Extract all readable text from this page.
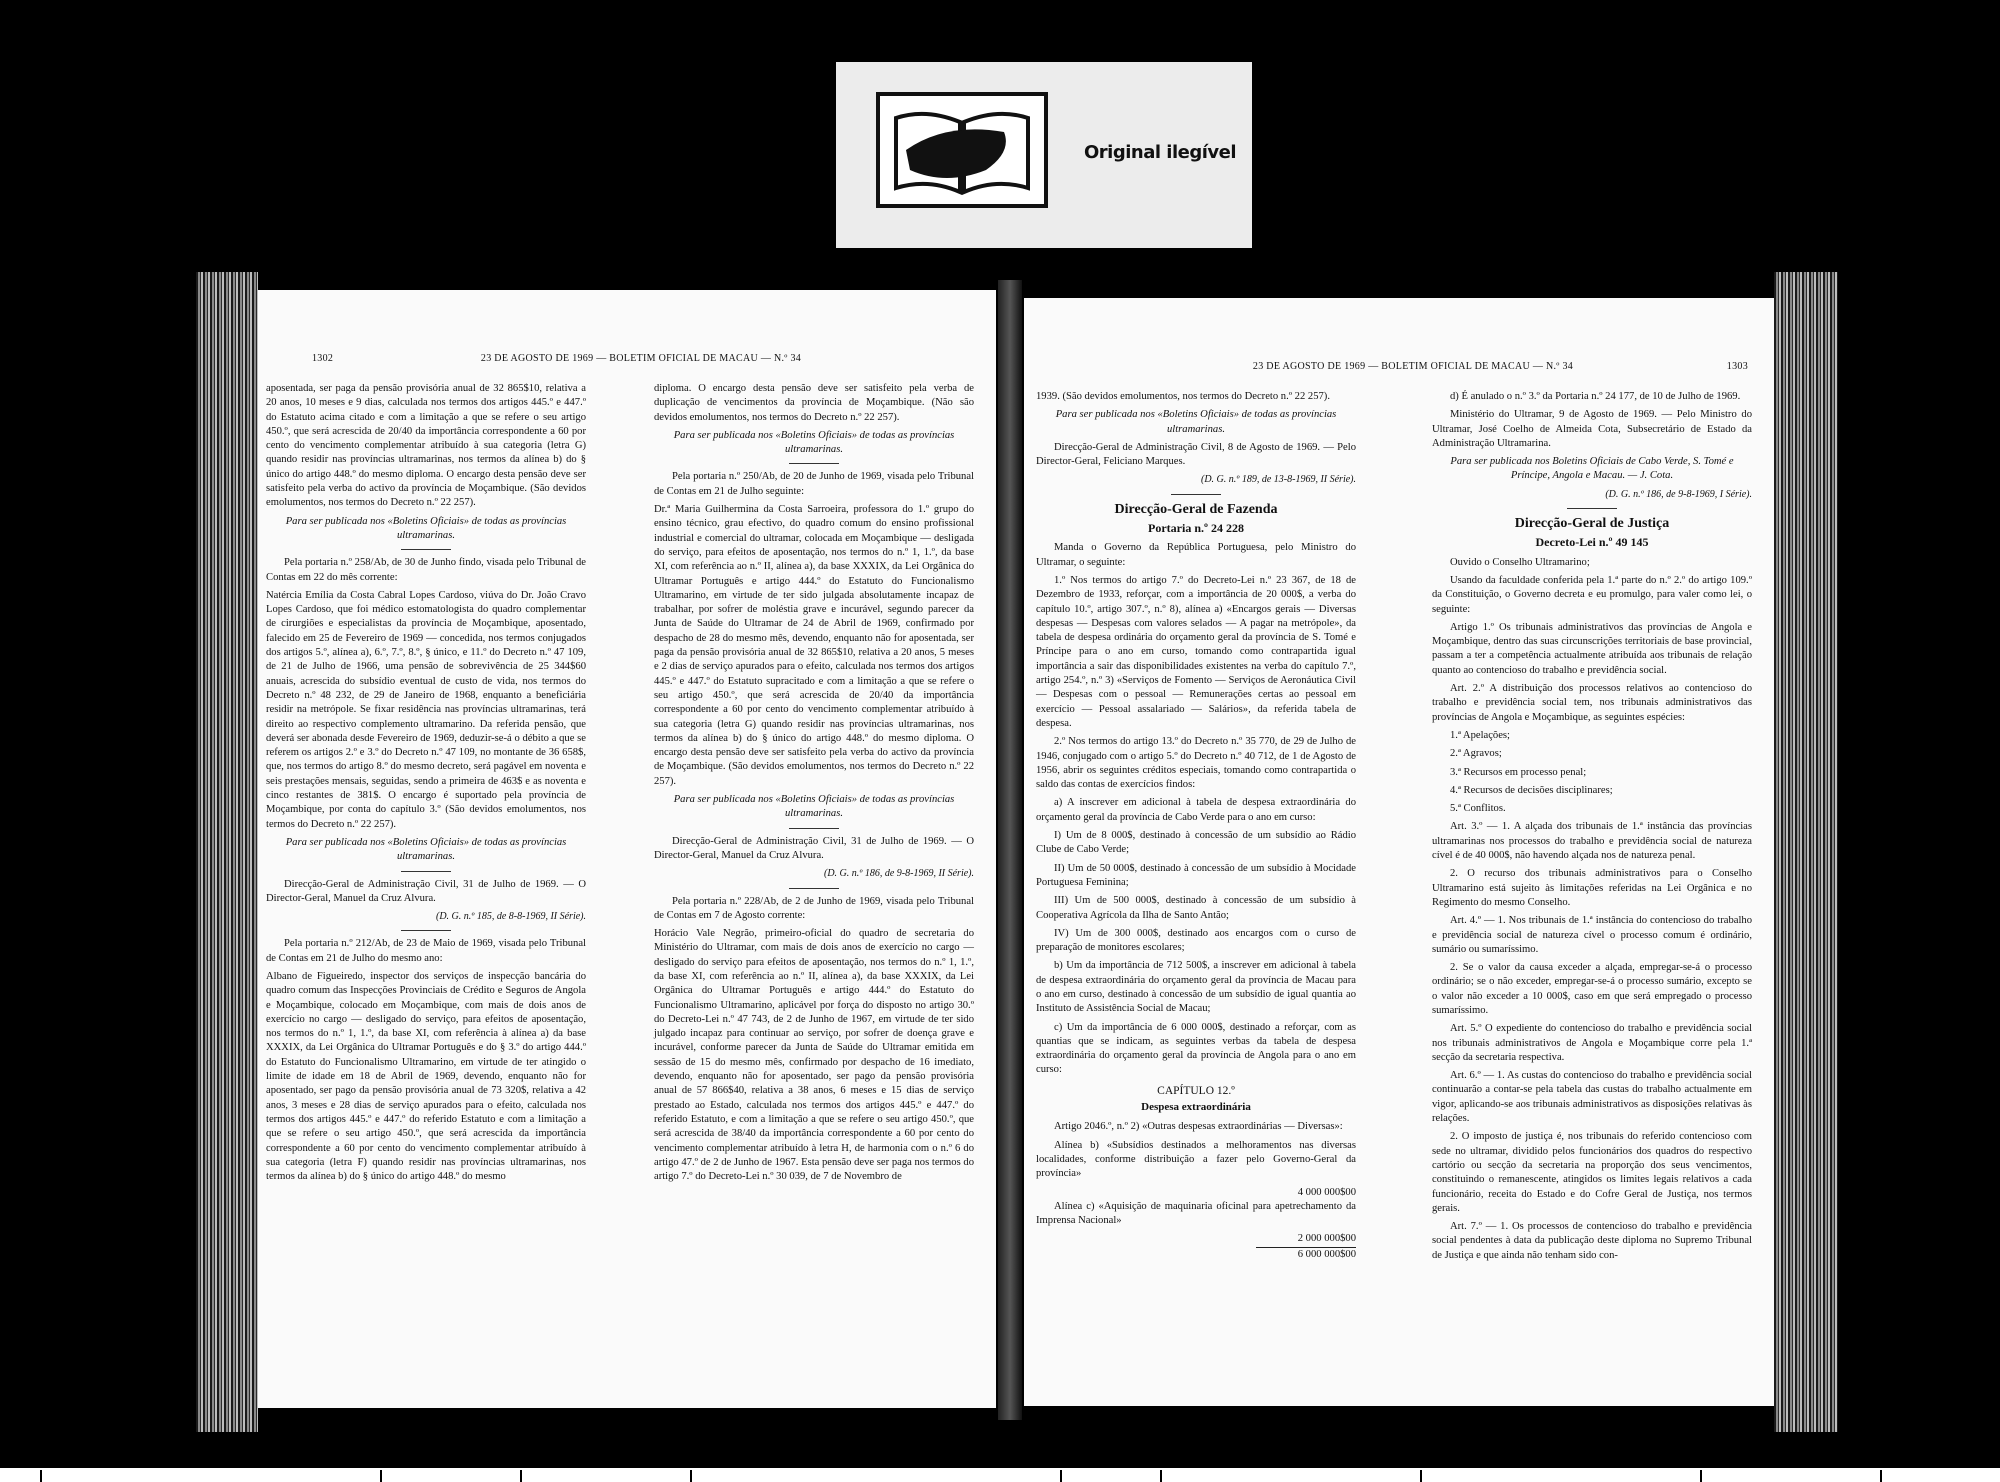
Original ilegível
1302	23 DE AGOSTO DE 1969 — BOLETIM OFICIAL DE MACAU — N.º 34
aposentada, ser paga da pensão provisória anual de 32 865$10, relativa a 20 anos, 10 meses e 9 dias, calculada nos termos dos artigos 445.º e 447.º do Estatuto acima citado e com a limitação a que se refere o seu artigo 450.º, que será acrescida de 20/40 da importância correspondente a 60 por cento do vencimento complementar atribuído à sua categoria (letra G) quando residir nas províncias ultramarinas, nos termos da alínea b) do § único do artigo 448.º do mesmo diploma. O encargo desta pensão deve ser satisfeito pela verba do activo da província de Moçambique. (São devidos emolumentos, nos termos do Decreto n.º 22 257).
Para ser publicada nos «Boletins Oficiais» de todas as províncias ultramarinas.
Pela portaria n.º 258/Ab, de 30 de Junho findo, visada pelo Tribunal de Contas em 22 do mês corrente:
Natércia Emília da Costa Cabral Lopes Cardoso, viúva do Dr. João Cravo Lopes Cardoso, que foi médico estomatologista do quadro complementar de cirurgiões e especialistas da província de Moçambique, aposentado, falecido em 25 de Fevereiro de 1969 — concedida, nos termos conjugados dos artigos 5.º, alínea a), 6.º, 7.º, 8.º, § único, e 11.º do Decreto n.º 47 109, de 21 de Julho de 1966, uma pensão de sobrevivência de 25 344$60 anuais, acrescida do subsídio eventual de custo de vida, nos termos do Decreto n.º 48 232, de 29 de Janeiro de 1968, enquanto a beneficiária residir na metrópole. Se fixar residência nas províncias ultramarinas, terá direito ao respectivo complemento ultramarino. Da referida pensão, que deverá ser abonada desde Fevereiro de 1969, deduzir-se-á o débito a que se referem os artigos 2.º e 3.º do Decreto n.º 47 109, no montante de 36 658$, que, nos termos do artigo 8.º do mesmo decreto, será pagável em noventa e seis prestações mensais, seguidas, sendo a primeira de 463$ e as noventa e cinco restantes de 381$. O encargo é suportado pela província de Moçambique, por conta do capítulo 3.º (São devidos emolumentos, nos termos do Decreto n.º 22 257).
Para ser publicada nos «Boletins Oficiais» de todas as províncias ultramarinas.
Direcção-Geral de Administração Civil, 31 de Julho de 1969. — O Director-Geral, Manuel da Cruz Alvura.
(D. G. n.º 185, de 8-8-1969, II Série).
Pela portaria n.º 212/Ab, de 23 de Maio de 1969, visada pelo Tribunal de Contas em 21 de Julho do mesmo ano:
Albano de Figueiredo, inspector dos serviços de inspecção bancária do quadro comum das Inspecções Provinciais de Crédito e Seguros de Angola e Moçambique, colocado em Moçambique, com mais de dois anos de exercício no cargo — desligado do serviço, para efeitos de aposentação, nos termos do n.º 1, 1.º, da base XI, com referência à alínea a) da base XXXIX, da Lei Orgânica do Ultramar Português e do § 3.º do artigo 444.º do Estatuto do Funcionalismo Ultramarino, em virtude de ter atingido o limite de idade em 18 de Abril de 1969, devendo, enquanto não for aposentado, ser pago da pensão provisória anual de 73 320$, relativa a 42 anos, 3 meses e 28 dias de serviço apurados para o efeito, calculada nos termos dos artigos 445.º e 447.º do referido Estatuto e com a limitação a que se refere o seu artigo 450.º, que será acrescida da importância correspondente a 60 por cento do vencimento complementar atribuído à sua categoria (letra F) quando residir nas províncias ultramarinas, nos termos da alínea b) do § único do artigo 448.º do mesmo
diploma. O encargo desta pensão deve ser satisfeito pela verba de duplicação de vencimentos da província de Moçambique. (Não são devidos emolumentos, nos termos do Decreto n.º 22 257).
Para ser publicada nos «Boletins Oficiais» de todas as províncias ultramarinas.
Pela portaria n.º 250/Ab, de 20 de Junho de 1969, visada pelo Tribunal de Contas em 21 de Julho seguinte:
Dr.ª Maria Guilhermina da Costa Sarroeira, professora do 1.º grupo do ensino técnico, grau efectivo, do quadro comum do ensino profissional industrial e comercial do ultramar, colocada em Moçambique — desligada do serviço, para efeitos de aposentação, nos termos do n.º 1, 1.º, da base XI, com referência ao n.º II, alínea a), da base XXXIX, da Lei Orgânica do Ultramar Português e artigo 444.º do Estatuto do Funcionalismo Ultramarino, em virtude de ter sido julgada absolutamente incapaz de trabalhar, por sofrer de moléstia grave e incurável, segundo parecer da Junta de Saúde do Ultramar de 24 de Abril de 1969, confirmado por despacho de 28 do mesmo mês, devendo, enquanto não for aposentada, ser paga da pensão provisória anual de 32 865$10, relativa a 20 anos, 5 meses e 2 dias de serviço apurados para o efeito, calculada nos termos dos artigos 445.º e 447.º do Estatuto supracitado e com a limitação a que se refere o seu artigo 450.º, que será acrescida de 20/40 da importância correspondente a 60 por cento do vencimento complementar atribuído à sua categoria (letra G) quando residir nas províncias ultramarinas, nos termos da alínea b) do § único do artigo 448.º do mesmo diploma. O encargo desta pensão deve ser satisfeito pela verba do activo da província de Moçambique. (São devidos emolumentos, nos termos do Decreto n.º 22 257).
Para ser publicada nos «Boletins Oficiais» de todas as províncias ultramarinas.
Direcção-Geral de Administração Civil, 31 de Julho de 1969. — O Director-Geral, Manuel da Cruz Alvura.
(D. G. n.º 186, de 9-8-1969, II Série).
Pela portaria n.º 228/Ab, de 2 de Junho de 1969, visada pelo Tribunal de Contas em 7 de Agosto corrente:
Horácio Vale Negrão, primeiro-oficial do quadro de secretaria do Ministério do Ultramar, com mais de dois anos de exercício no cargo — desligado do serviço para efeitos de aposentação, nos termos do n.º 1, 1.º, da base XI, com referência ao n.º II, alínea a), da base XXXIX, da Lei Orgânica do Ultramar Português e artigo 444.º do Estatuto do Funcionalismo Ultramarino, aplicável por força do disposto no artigo 30.º do Decreto-Lei n.º 47 743, de 2 de Junho de 1967, em virtude de ter sido julgado incapaz para continuar ao serviço, por sofrer de doença grave e incurável, conforme parecer da Junta de Saúde do Ultramar emitida em sessão de 15 do mesmo mês, confirmado por despacho de 16 imediato, devendo, enquanto não for aposentado, ser pago da pensão provisória anual de 57 866$40, relativa a 38 anos, 6 meses e 15 dias de serviço prestado ao Estado, calculada nos termos dos artigos 445.º e 447.º do referido Estatuto, e com a limitação a que se refere o seu artigo 450.º, que será acrescida de 38/40 da importância correspondente a 60 por cento do vencimento complementar atribuído à letra H, de harmonia com o n.º 6 do artigo 47.º de 2 de Junho de 1967. Esta pensão deve ser paga nos termos do artigo 7.º do Decreto-Lei n.º 30 039, de 7 de Novembro de
23 DE AGOSTO DE 1969 — BOLETIM OFICIAL DE MACAU — N.º 34	1303
1939. (São devidos emolumentos, nos termos do Decreto n.º 22 257).
Para ser publicada nos «Boletins Oficiais» de todas as províncias ultramarinas.
Direcção-Geral de Administração Civil, 8 de Agosto de 1969. — Pelo Director-Geral, Feliciano Marques.
(D. G. n.º 189, de 13-8-1969, II Série).
Direcção-Geral de Fazenda
Portaria n.º 24 228
Manda o Governo da República Portuguesa, pelo Ministro do Ultramar, o seguinte:
1.º Nos termos do artigo 7.º do Decreto-Lei n.º 23 367, de 18 de Dezembro de 1933, reforçar, com a importância de 20 000$, a verba do capítulo 10.º, artigo 307.º, n.º 8), alínea a) «Encargos gerais — Diversas despesas — Despesas com valores selados — A pagar na metrópole», da tabela de despesa ordinária do orçamento geral da província de S. Tomé e Príncipe para o ano em curso, tomando como contrapartida igual importância a sair das disponibilidades existentes na verba do capítulo 7.º, artigo 254.º, n.º 3) «Serviços de Fomento — Serviços de Aeronáutica Civil — Despesas com o pessoal — Remunerações certas ao pessoal em exercício — Pessoal assalariado — Salários», da referida tabela de despesa.
2.º Nos termos do artigo 13.º do Decreto n.º 35 770, de 29 de Julho de 1946, conjugado com o artigo 5.º do Decreto n.º 40 712, de 1 de Agosto de 1956, abrir os seguintes créditos especiais, tomando como contrapartida o saldo das contas de exercícios findos:
a) A inscrever em adicional à tabela de despesa extraordinária do orçamento geral da província de Cabo Verde para o ano em curso:
I) Um de 8 000$, destinado à concessão de um subsídio ao Rádio Clube de Cabo Verde;
II) Um de 50 000$, destinado à concessão de um subsídio à Mocidade Portuguesa Feminina;
III) Um de 500 000$, destinado à concessão de um subsídio à Cooperativa Agrícola da Ilha de Santo Antão;
IV) Um de 300 000$, destinado aos encargos com o curso de preparação de monitores escolares;
b) Um da importância de 712 500$, a inscrever em adicional à tabela de despesa extraordinária do orçamento geral da província de Macau para o ano em curso, destinado à concessão de um subsídio de igual quantia ao Instituto de Assistência Social de Macau;
c) Um da importância de 6 000 000$, destinado a reforçar, com as quantias que se indicam, as seguintes verbas da tabela de despesa extraordinária do orçamento geral da província de Angola para o ano em curso:
CAPÍTULO 12.º
Despesa extraordinária
Artigo 2046.º, n.º 2) «Outras despesas extraordinárias — Diversas»:
Alínea b) «Subsídios destinados a melhoramentos nas diversas localidades, conforme distribuição a fazer pelo Governo-Geral da província»
4 000 000$00
Alínea c) «Aquisição de maquinaria oficinal para apetrechamento da Imprensa Nacional»
2 000 000$00
6 000 000$00
d) É anulado o n.º 3.º da Portaria n.º 24 177, de 10 de Julho de 1969.
Ministério do Ultramar, 9 de Agosto de 1969. — Pelo Ministro do Ultramar, José Coelho de Almeida Cota, Subsecretário de Estado da Administração Ultramarina.
Para ser publicada nos Boletins Oficiais de Cabo Verde, S. Tomé e Príncipe, Angola e Macau. — J. Cota.
(D. G. n.º 186, de 9-8-1969, I Série).
Direcção-Geral de Justiça
Decreto-Lei n.º 49 145
Ouvido o Conselho Ultramarino;
Usando da faculdade conferida pela 1.ª parte do n.º 2.º do artigo 109.º da Constituição, o Governo decreta e eu promulgo, para valer como lei, o seguinte:
Artigo 1.º Os tribunais administrativos das províncias de Angola e Moçambique, dentro das suas circunscrições territoriais de base provincial, passam a ter a competência actualmente atribuída aos tribunais de relação quanto ao contencioso do trabalho e previdência social.
Art. 2.º A distribuição dos processos relativos ao contencioso do trabalho e previdência social tem, nos tribunais administrativos das províncias de Angola e Moçambique, as seguintes espécies:
1.ª Apelações;
2.ª Agravos;
3.ª Recursos em processo penal;
4.ª Recursos de decisões disciplinares;
5.ª Conflitos.
Art. 3.º — 1. A alçada dos tribunais de 1.ª instância das províncias ultramarinas nos processos do trabalho e previdência social de natureza cível é de 40 000$, não havendo alçada nos de natureza penal.
2. O recurso dos tribunais administrativos para o Conselho Ultramarino está sujeito às limitações referidas na Lei Orgânica e no Regimento do mesmo Conselho.
Art. 4.º — 1. Nos tribunais de 1.ª instância do contencioso do trabalho e previdência social de natureza cível o processo comum é ordinário, sumário ou sumaríssimo.
2. Se o valor da causa exceder a alçada, empregar-se-á o processo ordinário; se o não exceder, empregar-se-á o processo sumário, excepto se o valor não exceder a 10 000$, caso em que será empregado o processo sumaríssimo.
Art. 5.º O expediente do contencioso do trabalho e previdência social nos tribunais administrativos de Angola e Moçambique corre pela 1.ª secção da secretaria respectiva.
Art. 6.º — 1. As custas do contencioso do trabalho e previdência social continuarão a contar-se pela tabela das custas do trabalho actualmente em vigor, aplicando-se aos tribunais administrativos as disposições relativas às relações.
2. O imposto de justiça é, nos tribunais do referido contencioso com sede no ultramar, dividido pelos funcionários dos quadros do respectivo cartório ou secção da secretaria na proporção dos seus vencimentos, constituindo o remanescente, atingidos os limites legais relativos a cada funcionário, receita do Estado e do Cofre Geral de Justiça, nos termos gerais.
Art. 7.º — 1. Os processos de contencioso do trabalho e previdência social pendentes à data da publicação deste diploma no Supremo Tribunal de Justiça e que ainda não tenham sido con-
